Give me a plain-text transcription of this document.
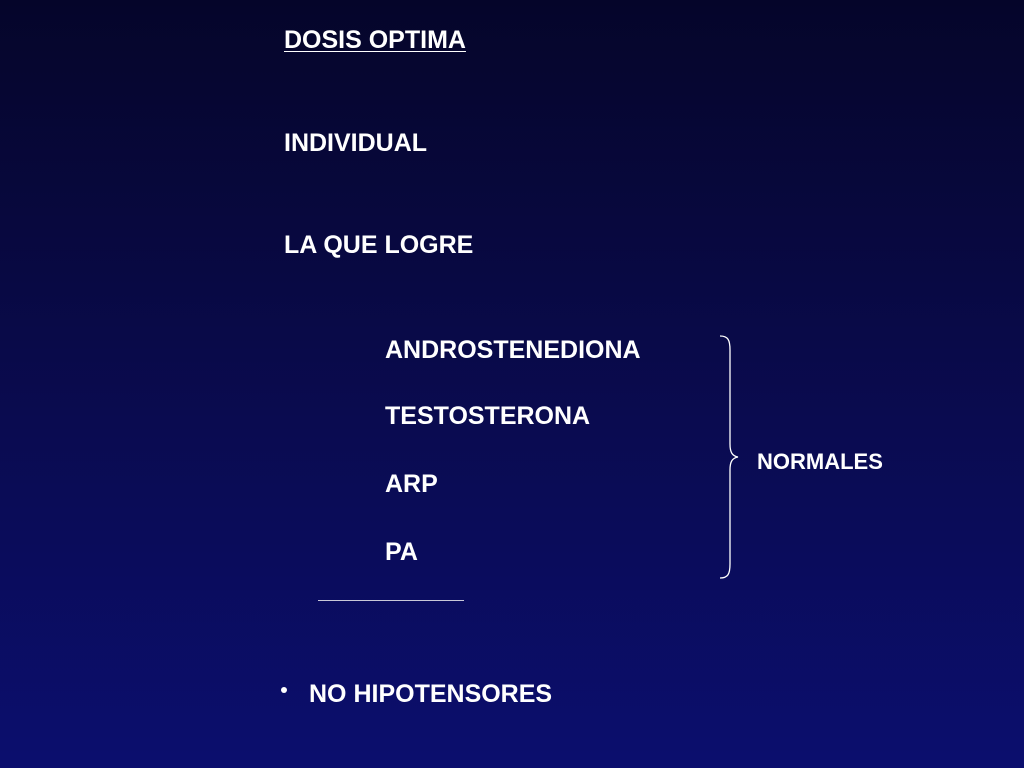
DOSIS OPTIMA
INDIVIDUAL
LA QUE LOGRE
ANDROSTENEDIONA
TESTOSTERONA
ARP
PA
NORMALES
NO HIPOTENSORES
